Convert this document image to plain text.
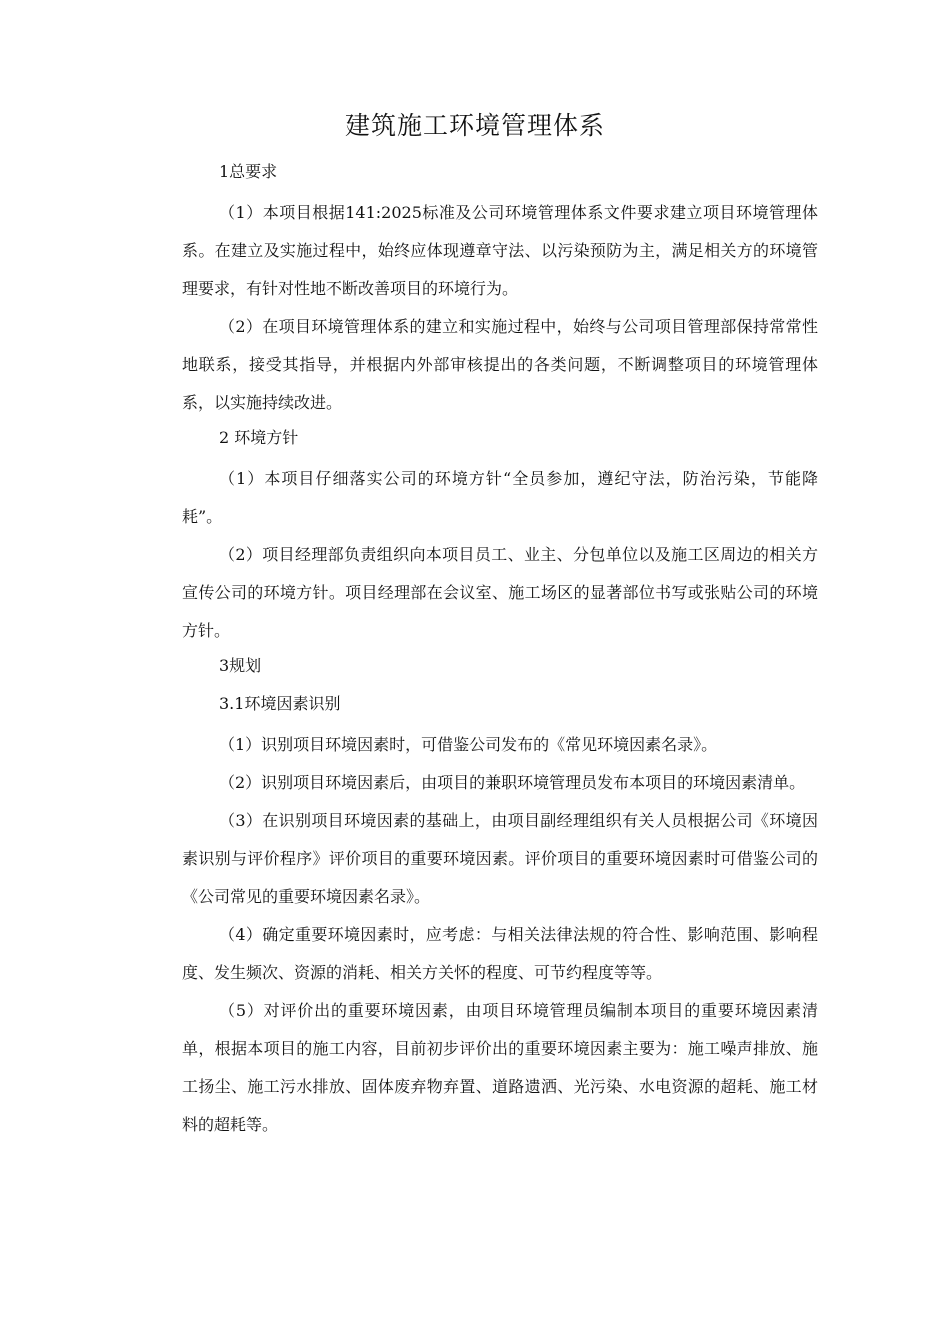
建筑施工环境管理体系

1总要求

（1）本项目根据141:2025标准及公司环境管理体系文件要求建立项目环境管理体系。在建立及实施过程中，始终应体现遵章守法、以污染预防为主，满足相关方的环境管理要求，有针对性地不断改善项目的环境行为。

（2）在项目环境管理体系的建立和实施过程中，始终与公司项目管理部保持常常性地联系，接受其指导，并根据内外部审核提出的各类问题，不断调整项目的环境管理体系，以实施持续改进。

2 环境方针

（1）本项目仔细落实公司的环境方针“全员参加，遵纪守法，防治污染，节能降耗”。

（2）项目经理部负责组织向本项目员工、业主、分包单位以及施工区周边的相关方宣传公司的环境方针。项目经理部在会议室、施工场区的显著部位书写或张贴公司的环境方针。

3规划

3.1环境因素识别

（1）识别项目环境因素时，可借鉴公司发布的《常见环境因素名录》。

（2）识别项目环境因素后，由项目的兼职环境管理员发布本项目的环境因素清单。

（3）在识别项目环境因素的基础上，由项目副经理组织有关人员根据公司《环境因素识别与评价程序》评价项目的重要环境因素。评价项目的重要环境因素时可借鉴公司的《公司常见的重要环境因素名录》。

（4）确定重要环境因素时，应考虑：与相关法律法规的符合性、影响范围、影响程度、发生频次、资源的消耗、相关方关怀的程度、可节约程度等等。

（5）对评价出的重要环境因素，由项目环境管理员编制本项目的重要环境因素清单，根据本项目的施工内容，目前初步评价出的重要环境因素主要为：施工噪声排放、施工扬尘、施工污水排放、固体废弃物弃置、道路遗洒、光污染、水电资源的超耗、施工材料的超耗等。
